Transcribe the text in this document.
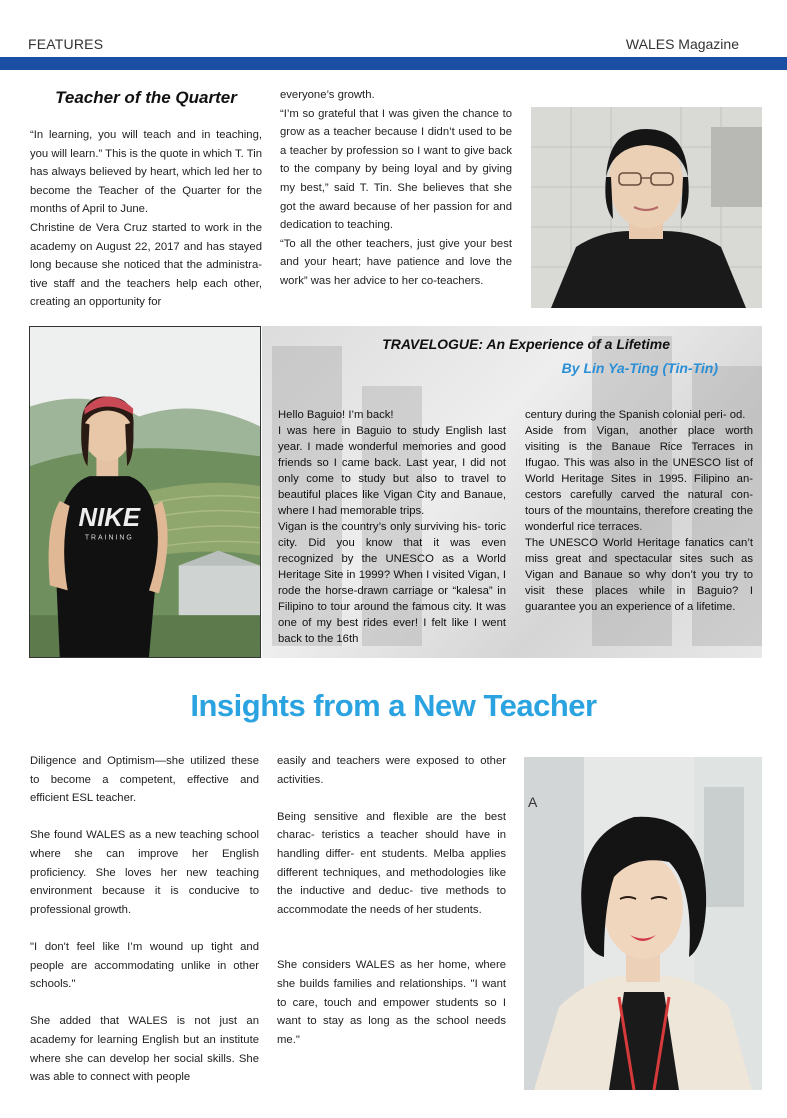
FEATURES	WALES Magazine
Teacher of the Quarter

“In learning, you will teach and in teaching, you will learn.” This is the quote in which T. Tin has always believed by heart, which led her to become the Teacher of the Quarter for the months of April to June.

Christine de Vera Cruz started to work in the academy on August 22, 2017 and has stayed long because she noticed that the administra- tive staff and the teachers help each other, creating an opportunity for

everyone’s growth.

“I’m so grateful that I was given the chance to grow as a teacher because I didn’t used to be a teacher by profession so I want to give back to the company by being loyal and by giving my best,” said T. Tin. She believes that she got the award because of her passion for and dedication to teaching.

“To all the other teachers, just give your best and your heart; have patience and love the work” was her advice to her co-teachers.

TRAVELOGUE: An Experience of a Lifetime
By Lin Ya-Ting (Tin-Tin)
NIKE
TRAINING

Hello Baguio! I’m back!

I was here in Baguio to study English last year. I made wonderful memories and good friends so I came back. Last year, I did not only come to study but also to travel to beautiful places like Vigan City and Banaue, where I had memorable trips.

Vigan is the country’s only surviving his- toric city. Did you know that it was even recognized by the UNESCO as a World Heritage Site in 1999? When I visited Vigan, I rode the horse-drawn carriage or “kalesa” in Filipino to tour around the famous city. It was one of my best rides ever! I felt like I went back to the 16th

century during the Spanish colonial peri- od.

Aside from Vigan, another place worth visiting is the Banaue Rice Terraces in Ifugao. This was also in the UNESCO list of World Heritage Sites in 1995. Filipino an- cestors carefully carved the natural con- tours of the mountains, therefore creating the wonderful rice terraces.

The UNESCO World Heritage fanatics can’t miss great and spectacular sites such as Vigan and Banaue so why don’t you try to visit these places while in Baguio? I guarantee you an experience of a lifetime.

Insights from a New Teacher

Diligence and Optimism—she utilized these to become a competent, effective and efficient ESL teacher.

She found WALES as a new teaching school where she can improve her English proficiency. She loves her new teaching environment because it is conducive to professional growth.

"I don't feel like I’m wound up tight and people are accommodating unlike in other schools."

She added that WALES is not just an academy for learning English but an institute where she can develop her social skills. She was able to connect with people

easily and teachers were exposed to other activities.

Being sensitive and flexible are the best charac- teristics a teacher should have in handling differ- ent students. Melba applies different techniques, and methodologies like the inductive and deduc- tive methods to accommodate the needs of her students.

She considers WALES as her home, where she builds families and relationships. "I want to care, touch and empower students so I want to stay as long as the school needs me."

A
